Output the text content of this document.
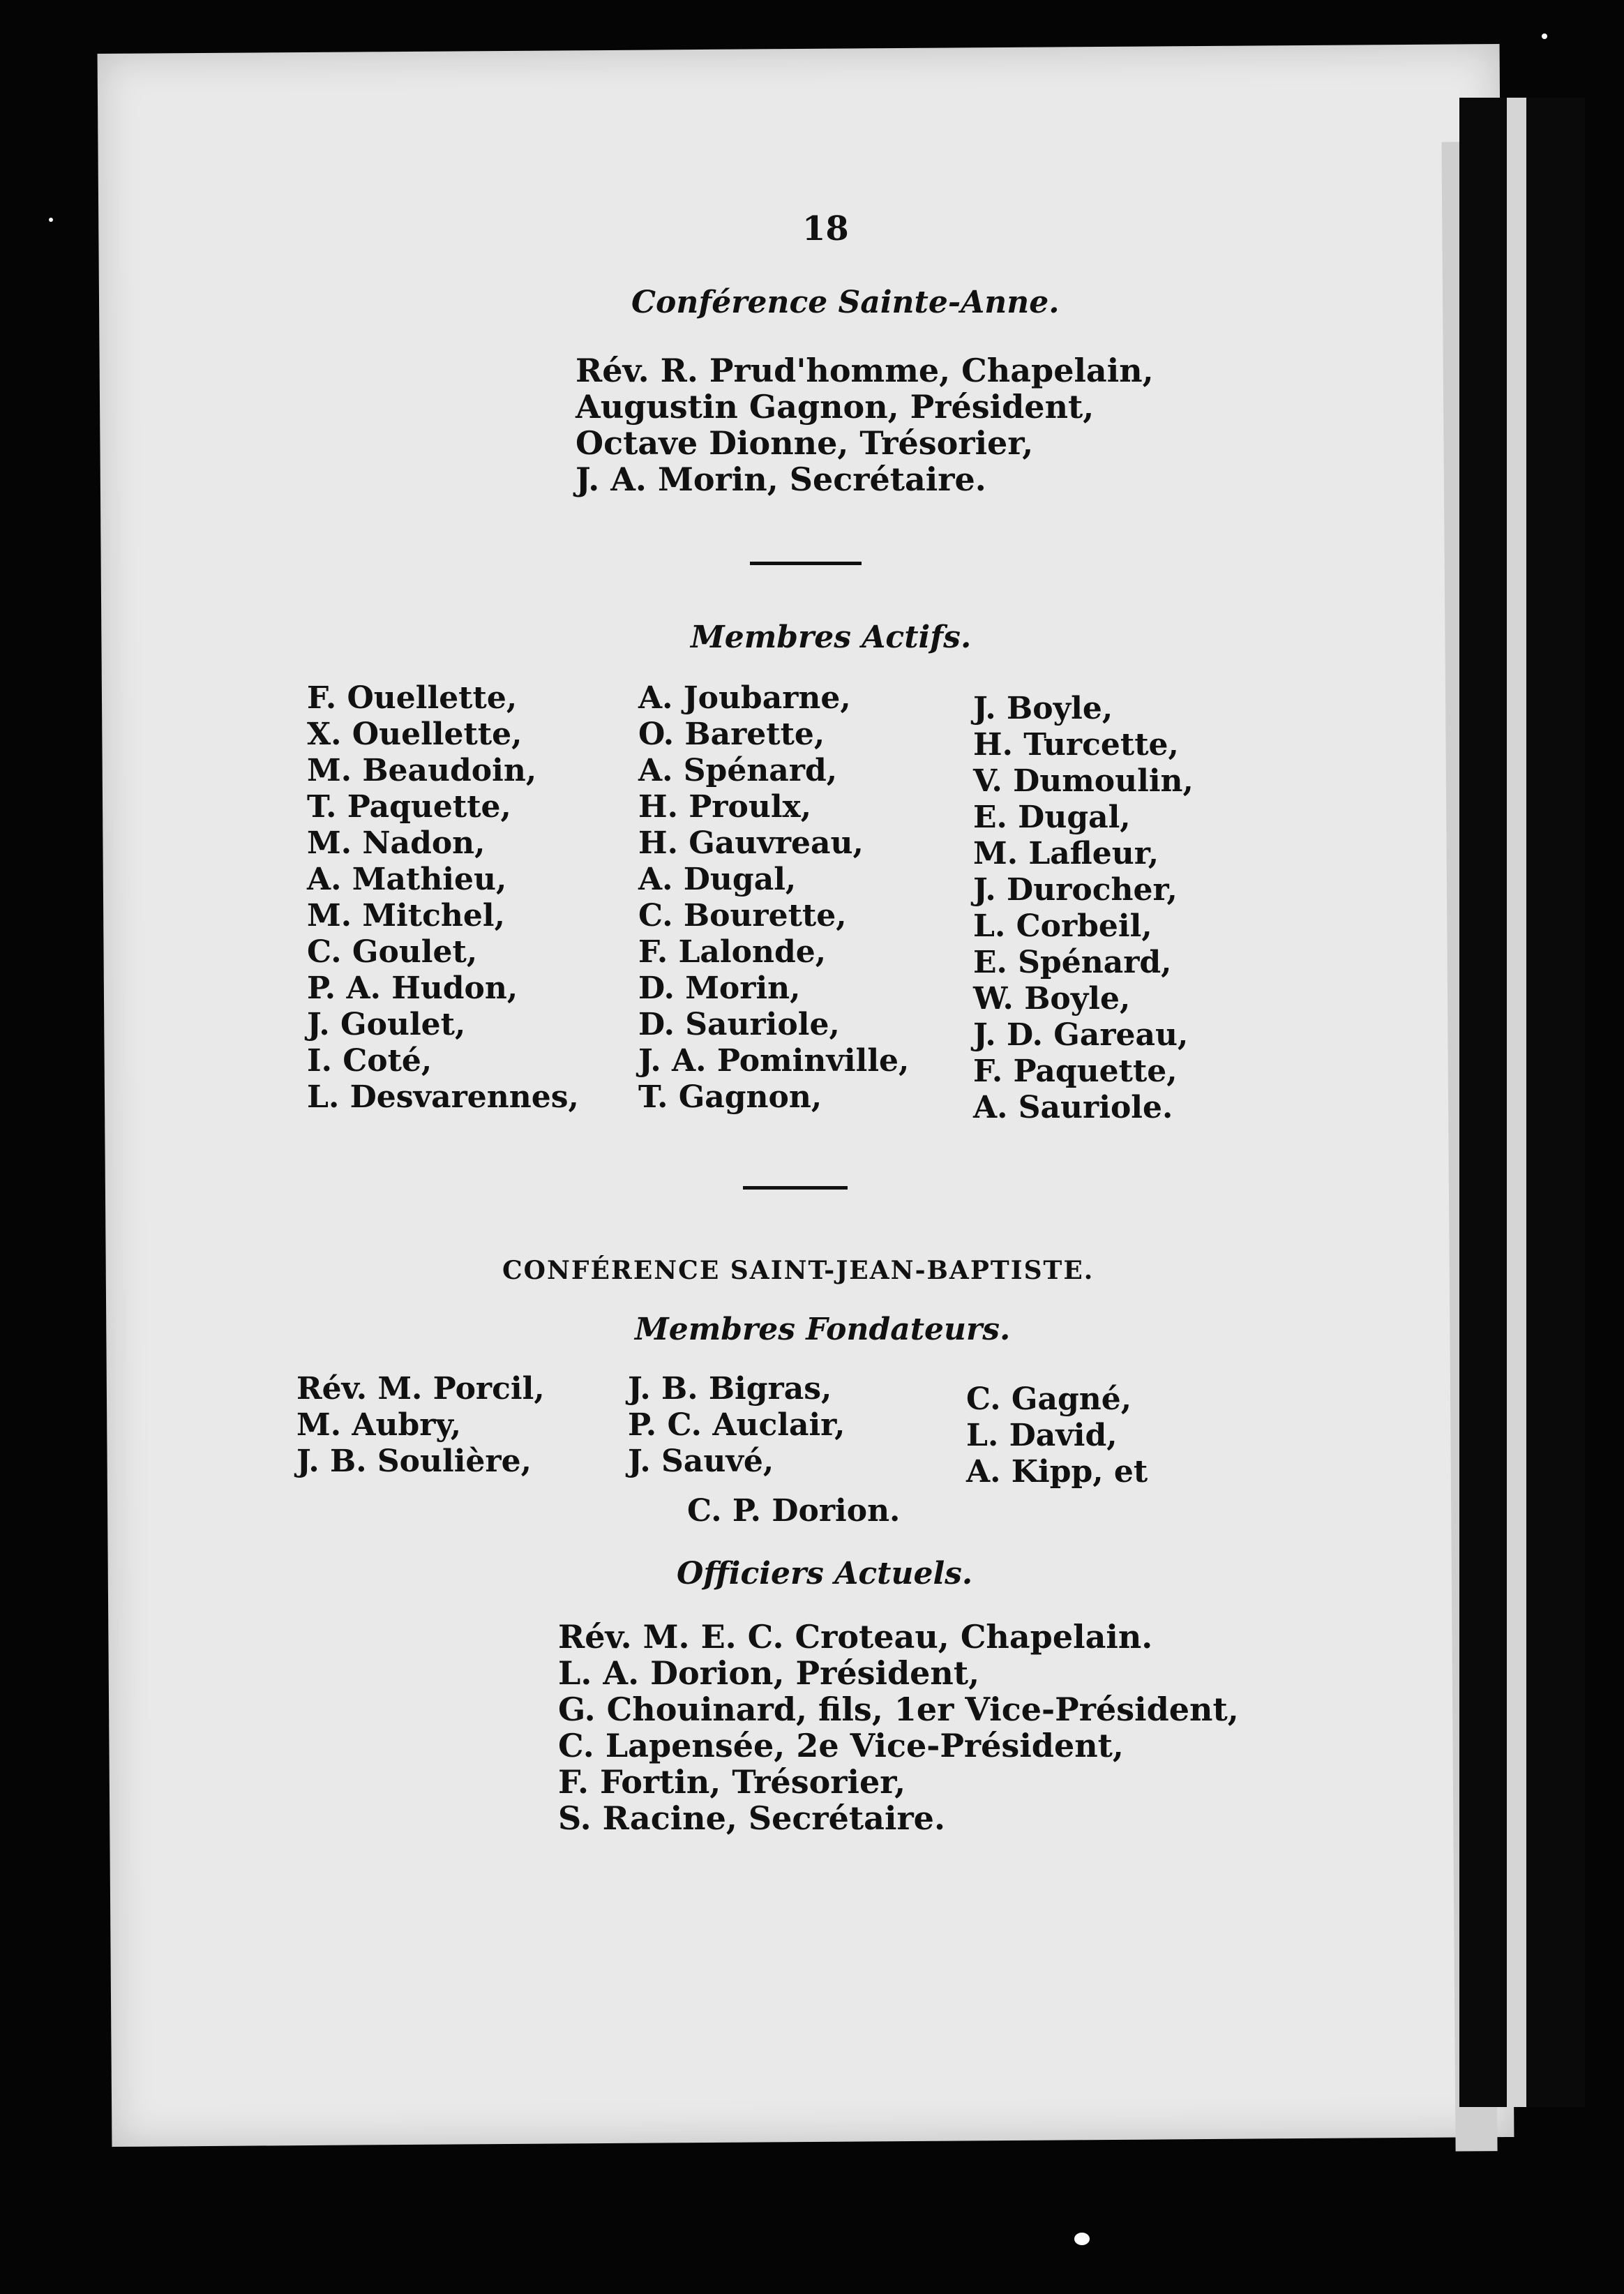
18
Conférence Sainte-Anne.
Rév. R. Prud'homme, Chapelain,
Augustin Gagnon, Président,
Octave Dionne, Trésorier,
J. A. Morin, Secrétaire.
Membres Actifs.
F. Ouellette,
X. Ouellette,
M. Beaudoin,
T. Paquette,
M. Nadon,
A. Mathieu,
M. Mitchel,
C. Goulet,
P. A. Hudon,
J. Goulet,
I. Coté,
L. Desvarennes,
A. Joubarne,
O. Barette,
A. Spénard,
H. Proulx,
H. Gauvreau,
A. Dugal,
C. Bourette,
F. Lalonde,
D. Morin,
D. Sauriole,
J. A. Pominville,
T. Gagnon,
J. Boyle,
H. Turcette,
V. Dumoulin,
E. Dugal,
M. Lafleur,
J. Durocher,
L. Corbeil,
E. Spénard,
W. Boyle,
J. D. Gareau,
F. Paquette,
A. Sauriole.
CONFÉRENCE SAINT-JEAN-BAPTISTE.
Membres Fondateurs.
Rév. M. Porcil,
M. Aubry,
J. B. Soulière,
J. B. Bigras,
P. C. Auclair,
J. Sauvé,
C. Gagné,
L. David,
A. Kipp, et
C. P. Dorion.
Officiers Actuels.
Rév. M. E. C. Croteau, Chapelain.
L. A. Dorion, Président,
G. Chouinard, fils, 1er Vice-Président,
C. Lapensée, 2e Vice-Président,
F. Fortin, Trésorier,
S. Racine, Secrétaire.
